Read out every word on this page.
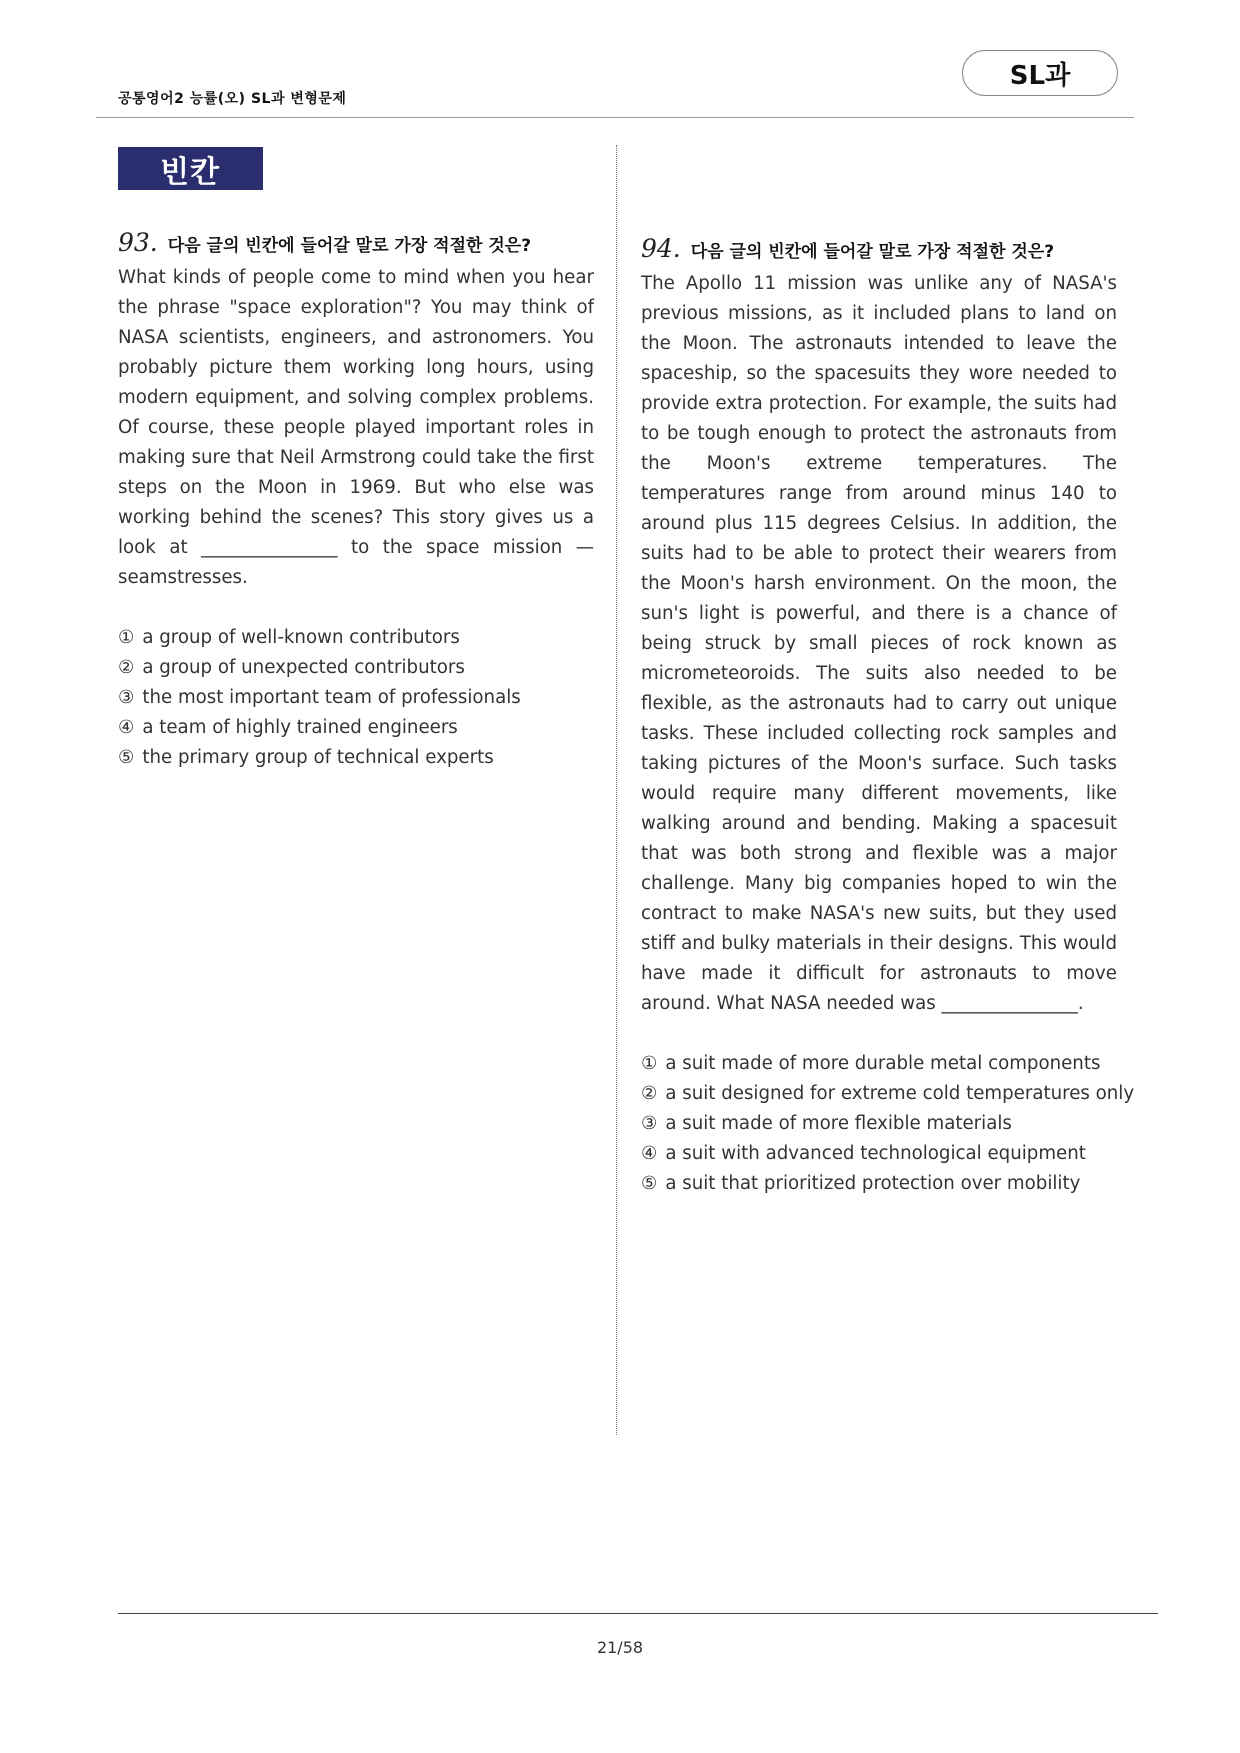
공통영어2 능률(오) SL과 변형문제
SL과
빈칸
93. 다음 글의 빈칸에 들어갈 말로 가장 적절한 것은?

What kinds of people come to mind when you hear the phrase "space exploration"? You may think of NASA scientists, engineers, and astronomers. You probably picture them working long hours, using modern equipment, and solving complex problems. Of course, these people played important roles in making sure that Neil Armstrong could take the first steps on the Moon in 1969. But who else was working behind the scenes? This story gives us a look at _______________ to the space mission — seamstresses.

① a group of well-known contributors
② a group of unexpected contributors
③ the most important team of professionals
④ a team of highly trained engineers
⑤ the primary group of technical experts
94. 다음 글의 빈칸에 들어갈 말로 가장 적절한 것은?

The Apollo 11 mission was unlike any of NASA's previous missions, as it included plans to land on the Moon. The astronauts intended to leave the spaceship, so the spacesuits they wore needed to provide extra protection. For example, the suits had to be tough enough to protect the astronauts from the Moon's extreme temperatures. The temperatures range from around minus 140 to around plus 115 degrees Celsius. In addition, the suits had to be able to protect their wearers from the Moon's harsh environment. On the moon, the sun's light is powerful, and there is a chance of being struck by small pieces of rock known as micrometeoroids. The suits also needed to be flexible, as the astronauts had to carry out unique tasks. These included collecting rock samples and taking pictures of the Moon's surface. Such tasks would require many different movements, like walking around and bending. Making a spacesuit that was both strong and flexible was a major challenge. Many big companies hoped to win the contract to make NASA's new suits, but they used stiff and bulky materials in their designs. This would have made it difficult for astronauts to move around. What NASA needed was _______________.

① a suit made of more durable metal components
② a suit designed for extreme cold temperatures only
③ a suit made of more flexible materials
④ a suit with advanced technological equipment
⑤ a suit that prioritized protection over mobility
21/58
